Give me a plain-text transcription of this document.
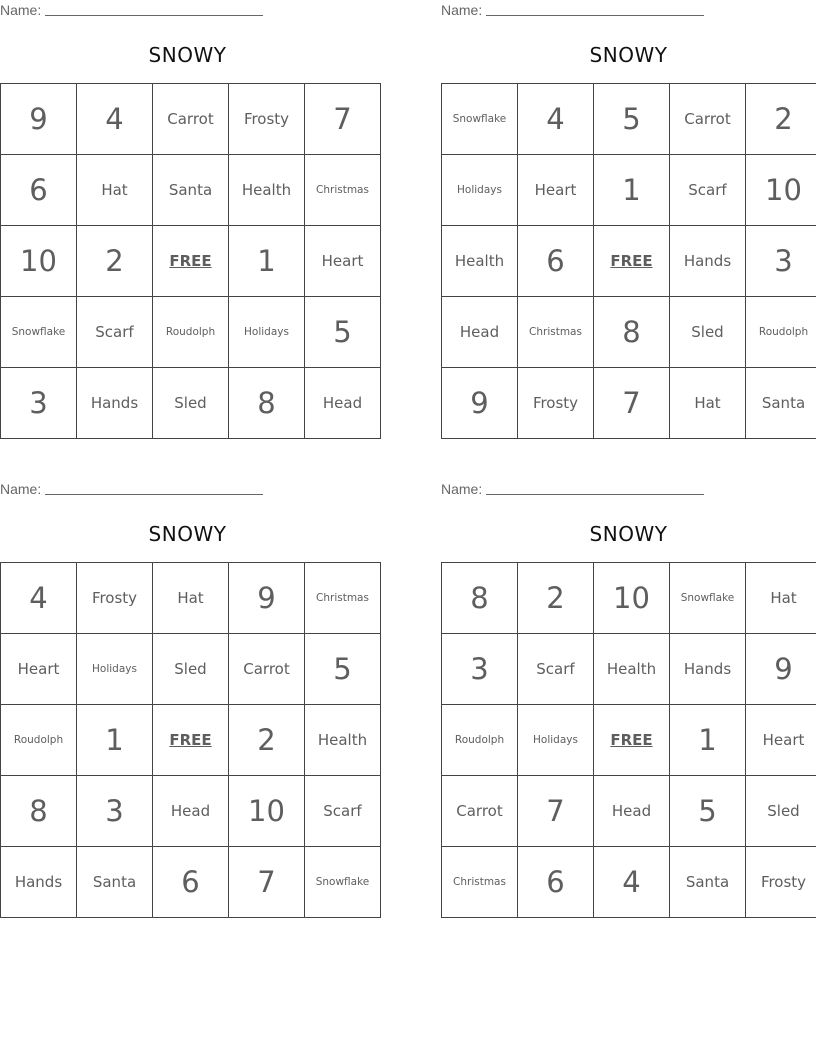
Name:
SNOWY
9	4	Carrot	Frosty	7
6	Hat	Santa	Health	Christmas
10	2	FREE	1	Heart
Snowflake	Scarf	Roudolph	Holidays	5
3	Hands	Sled	8	Head
Name:
SNOWY
Snowflake	4	5	Carrot	2
Holidays	Heart	1	Scarf	10
Health	6	FREE	Hands	3
Head	Christmas	8	Sled	Roudolph
9	Frosty	7	Hat	Santa
Name:
SNOWY
4	Frosty	Hat	9	Christmas
Heart	Holidays	Sled	Carrot	5
Roudolph	1	FREE	2	Health
8	3	Head	10	Scarf
Hands	Santa	6	7	Snowflake
Name:
SNOWY
8	2	10	Snowflake	Hat
3	Scarf	Health	Hands	9
Roudolph	Holidays	FREE	1	Heart
Carrot	7	Head	5	Sled
Christmas	6	4	Santa	Frosty
